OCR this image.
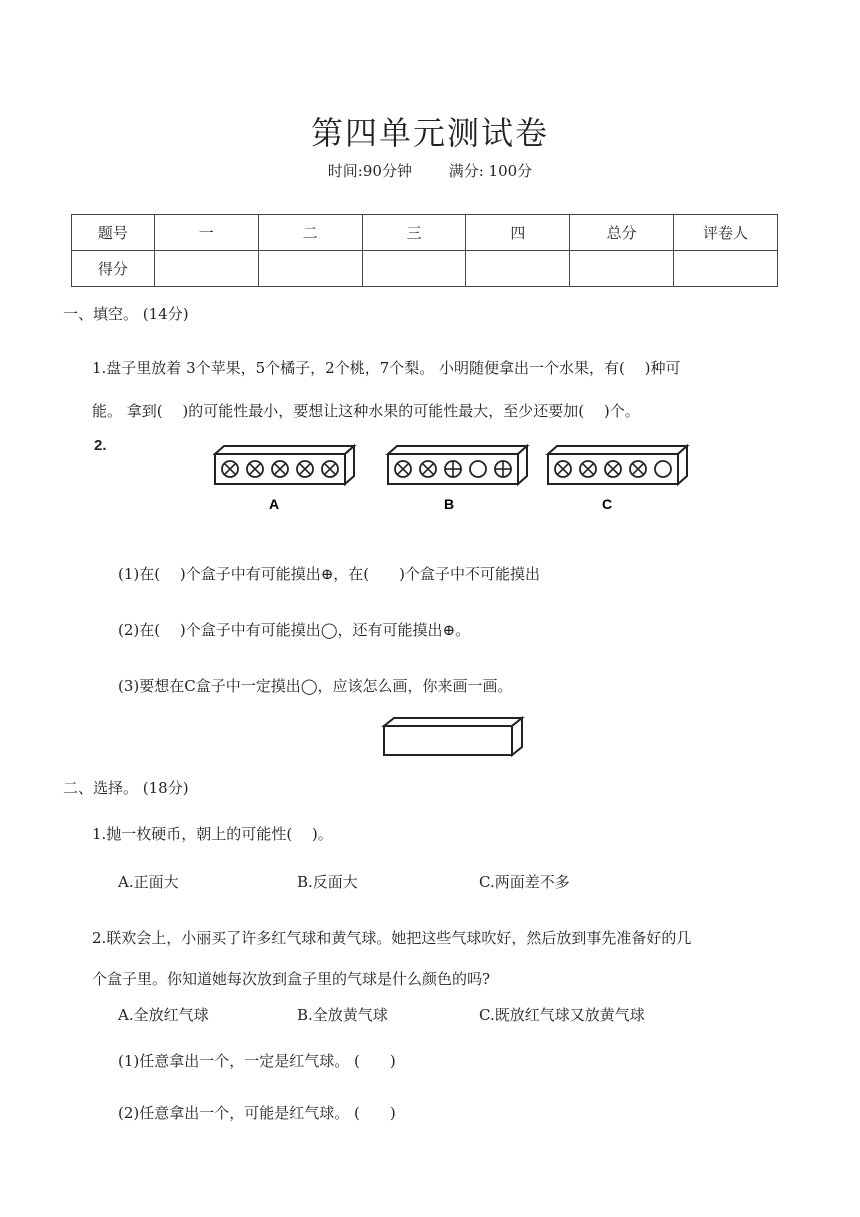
第四单元测试卷
时间:90分钟 满分: 100分
题号	一	二	三	四	总分	评卷人
得分						
一、填空。 (14分)
1.盘子里放着 3个苹果，5个橘子，2个桃，7个梨。 小明随便拿出一个水果，有(　 )种可
能。 拿到(　 )的可能性最小，要想让这种水果的可能性最大，至少还要加(　 )个。
2.
A	B	C
(1)在(　 )个盒子中有可能摸出⊕，在(　　)个盒子中不可能摸出
(2)在(　 )个盒子中有可能摸出◯，还有可能摸出⊕。
(3)要想在C盒子中一定摸出◯，应该怎么画，你来画一画。
二、选择。 (18分)
1.抛一枚硬币，朝上的可能性(　 )。
A.正面大	B.反面大	C.两面差不多
2.联欢会上，小丽买了许多红气球和黄气球。她把这些气球吹好，然后放到事先准备好的几
个盒子里。你知道她每次放到盒子里的气球是什么颜色的吗?
A.全放红气球	B.全放黄气球	C.既放红气球又放黄气球
(1)任意拿出一个，一定是红气球。 (　　)
(2)任意拿出一个，可能是红气球。 (　　)
